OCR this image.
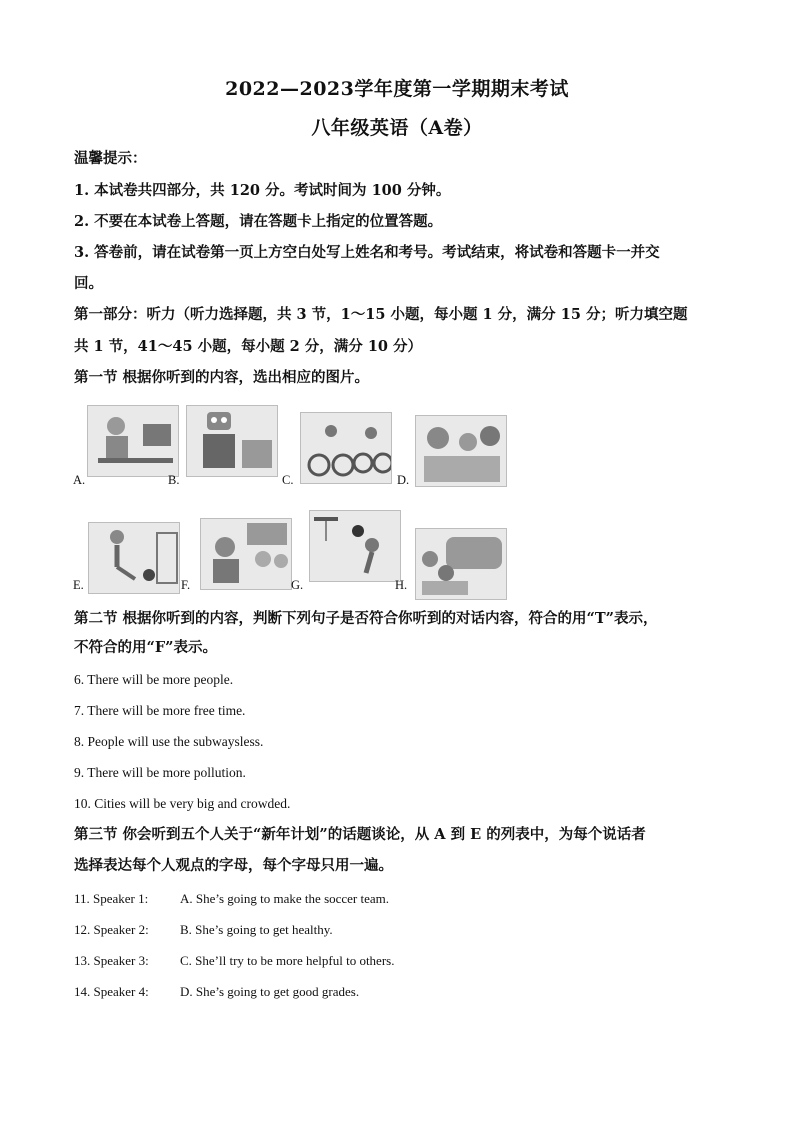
2022—2023学年度第一学期期末考试
八年级英语（A卷）
温馨提示：
1. 本试卷共四部分，共 120 分。考试时间为 100 分钟。
2. 不要在本试卷上答题，请在答题卡上指定的位置答题。
3. 答卷前，请在试卷第一页上方空白处写上姓名和考号。考试结束，将试卷和答题卡一并交
回。
第一部分：听力（听力选择题，共 3 节，1～15 小题，每小题 1 分，满分 15 分；听力填空题
共 1 节，41～45 小题，每小题 2 分，满分 10 分）
第一节 根据你听到的内容，选出相应的图片。
A.	B.	C.	D.
E.	F.	G.	H.
第二节 根据你听到的内容，判断下列句子是否符合你听到的对话内容，符合的用“T”表示，
不符合的用“F”表示。
6. There will be more people.
7. There will be more free time.
8. People will use the subwaysless.
9. There will be more pollution.
10. Cities will be very big and crowded.
第三节 你会听到五个人关于“新年计划”的话题谈论，从 A 到 E 的列表中，为每个说话者
选择表达每个人观点的字母，每个字母只用一遍。
11. Speaker 1: A. She’s going to make the soccer team.
12. Speaker 2: B. She’s going to get healthy.
13. Speaker 3: C. She’ll try to be more helpful to others.
14. Speaker 4: D. She’s going to get good grades.
